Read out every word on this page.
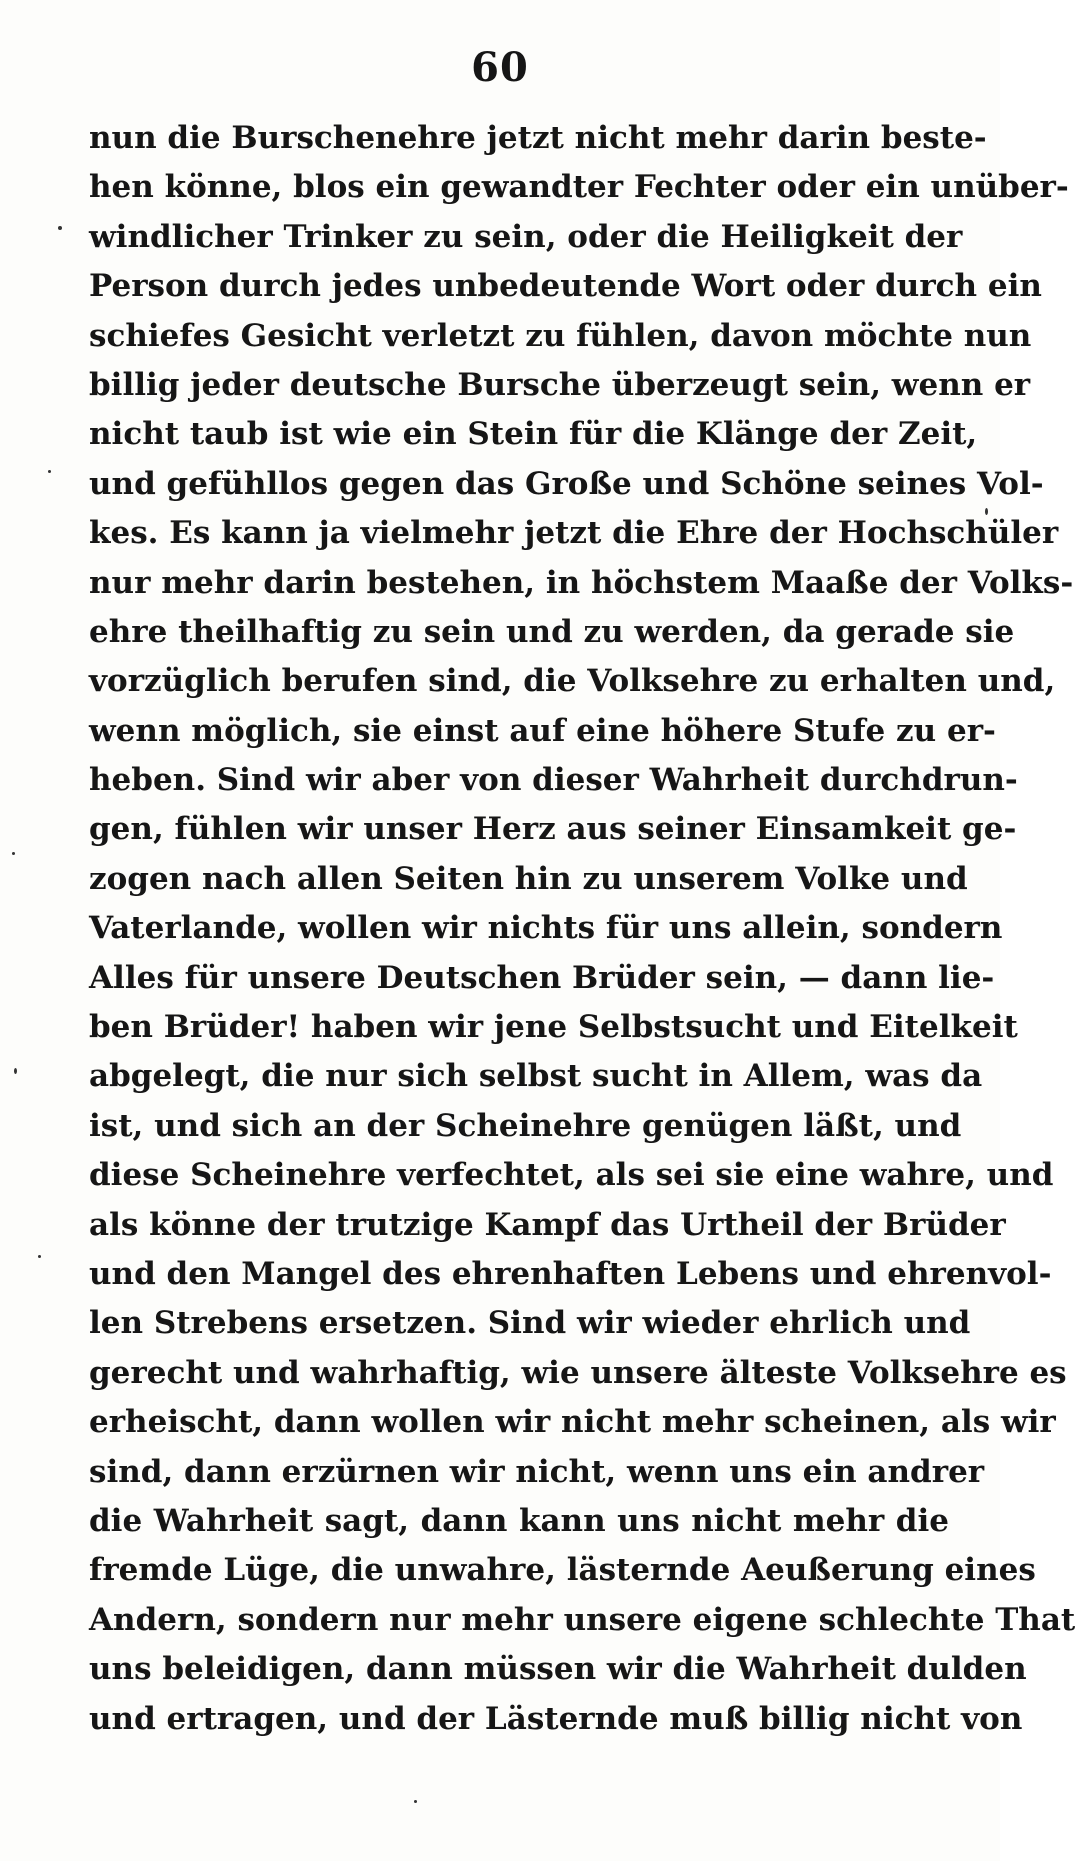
60
nun die Burschenehre jetzt nicht mehr darin beste-
hen könne, blos ein gewandter Fechter oder ein unüber-
windlicher Trinker zu sein, oder die Heiligkeit der
Person durch jedes unbedeutende Wort oder durch ein
schiefes Gesicht verletzt zu fühlen, davon möchte nun
billig jeder deutsche Bursche überzeugt sein, wenn er
nicht taub ist wie ein Stein für die Klänge der Zeit,
und gefühllos gegen das Große und Schöne seines Vol-
kes. Es kann ja vielmehr jetzt die Ehre der Hochschüler
nur mehr darin bestehen, in höchstem Maaße der Volks-
ehre theilhaftig zu sein und zu werden, da gerade sie
vorzüglich berufen sind, die Volksehre zu erhalten und,
wenn möglich, sie einst auf eine höhere Stufe zu er-
heben. Sind wir aber von dieser Wahrheit durchdrun-
gen, fühlen wir unser Herz aus seiner Einsamkeit ge-
zogen nach allen Seiten hin zu unserem Volke und
Vaterlande, wollen wir nichts für uns allein, sondern
Alles für unsere Deutschen Brüder sein, — dann lie-
ben Brüder! haben wir jene Selbstsucht und Eitelkeit
abgelegt, die nur sich selbst sucht in Allem, was da
ist, und sich an der Scheinehre genügen läßt, und
diese Scheinehre verfechtet, als sei sie eine wahre, und
als könne der trutzige Kampf das Urtheil der Brüder
und den Mangel des ehrenhaften Lebens und ehrenvol-
len Strebens ersetzen. Sind wir wieder ehrlich und
gerecht und wahrhaftig, wie unsere älteste Volksehre es
erheischt, dann wollen wir nicht mehr scheinen, als wir
sind, dann erzürnen wir nicht, wenn uns ein andrer
die Wahrheit sagt, dann kann uns nicht mehr die
fremde Lüge, die unwahre, lästernde Aeußerung eines
Andern, sondern nur mehr unsere eigene schlechte That
uns beleidigen, dann müssen wir die Wahrheit dulden
und ertragen, und der Lästernde muß billig nicht von
